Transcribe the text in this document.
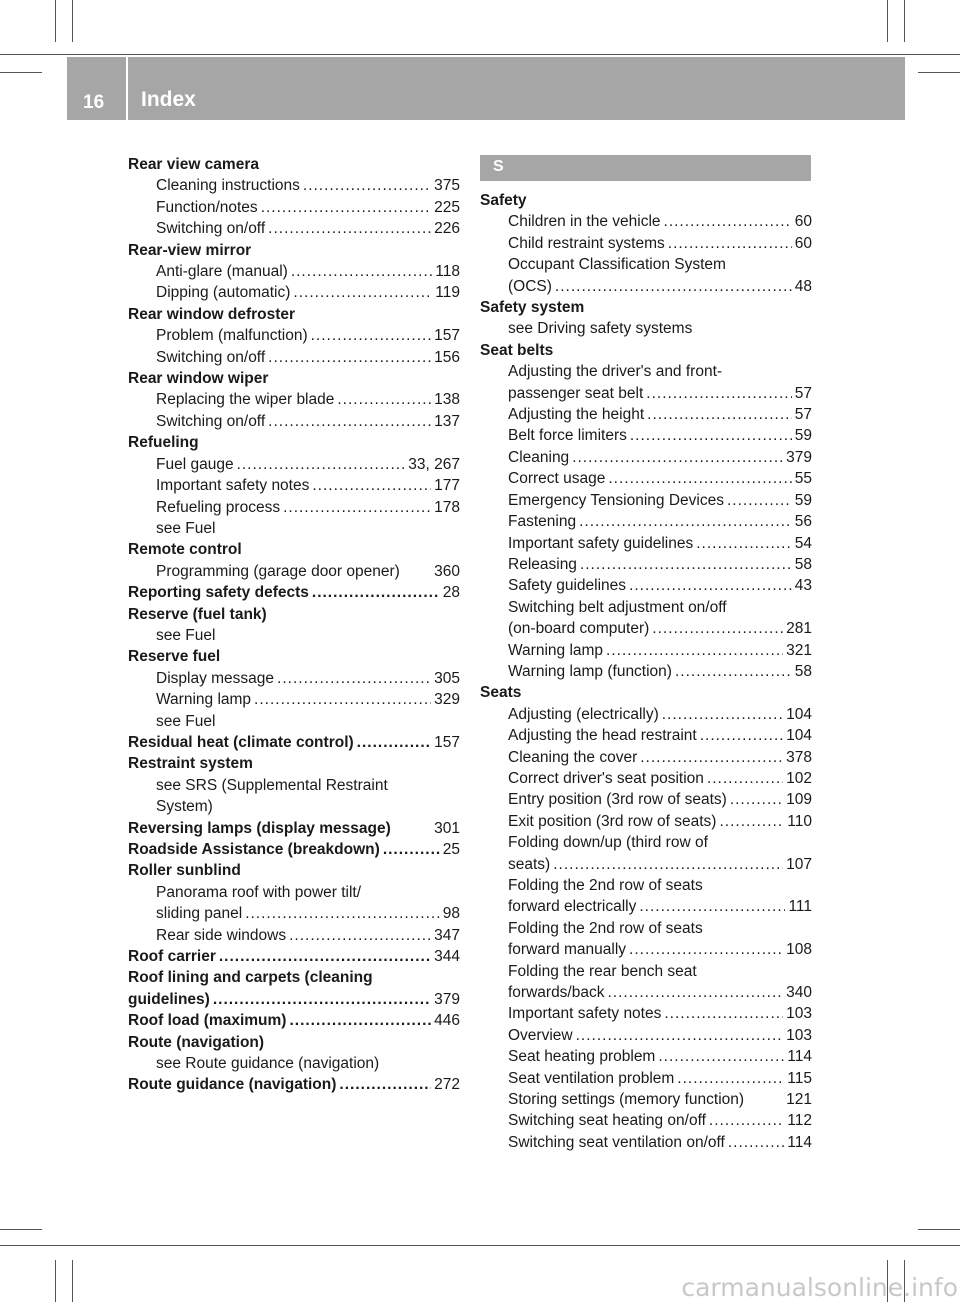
16 Index
S
Rear view camera
Cleaning instructions .....	375
Function/notes .....	225
Switching on/off .....	226
Rear-view mirror
Anti-glare (manual) .....	118
Dipping (automatic) .....	119
Rear window defroster
Problem (malfunction) .....	157
Switching on/off .....	156
Rear window wiper
Replacing the wiper blade .....	138
Switching on/off .....	137
Refueling
Fuel gauge .....	33, 267
Important safety notes .....	177
Refueling process .....	178
see Fuel
Remote control
Programming (garage door opener) 360
Reporting safety defects .....	28
Reserve (fuel tank)
see Fuel
Reserve fuel
Display message .....	305
Warning lamp .....	329
see Fuel
Residual heat (climate control) .....	157
Restraint system
see SRS (Supplemental Restraint
System)
Reversing lamps (display message)	301
Roadside Assistance (breakdown) .....	25
Roller sunblind
Panorama roof with power tilt/
sliding panel .....	98
Rear side windows .....	347
Roof carrier .....	344
Roof lining and carpets (cleaning
guidelines) .....	379
Roof load (maximum) .....	446
Route (navigation)
see Route guidance (navigation)
Route guidance (navigation) .....	272
Safety
Children in the vehicle .....	60
Child restraint systems .....	60
Occupant Classification System
(OCS) .....	48
Safety system
see Driving safety systems
Seat belts
Adjusting the driver's and front-
passenger seat belt .....	57
Adjusting the height .....	57
Belt force limiters .....	59
Cleaning .....	379
Correct usage .....	55
Emergency Tensioning Devices .....	59
Fastening .....	56
Important safety guidelines .....	54
Releasing .....	58
Safety guidelines .....	43
Switching belt adjustment on/off
(on-board computer) .....	281
Warning lamp .....	321
Warning lamp (function) .....	58
Seats
Adjusting (electrically) .....	104
Adjusting the head restraint .....	104
Cleaning the cover .....	378
Correct driver's seat position .....	102
Entry position (3rd row of seats) .....	109
Exit position (3rd row of seats) .....	110
Folding down/up (third row of
seats) .....	107
Folding the 2nd row of seats
forward electrically .....	111
Folding the 2nd row of seats
forward manually .....	108
Folding the rear bench seat
forwards/back .....	340
Important safety notes .....	103
Overview .....	103
Seat heating problem .....	114
Seat ventilation problem .....	115
Storing settings (memory function)	121
Switching seat heating on/off .....	112
Switching seat ventilation on/off .....	114
carmanualsonline.info
